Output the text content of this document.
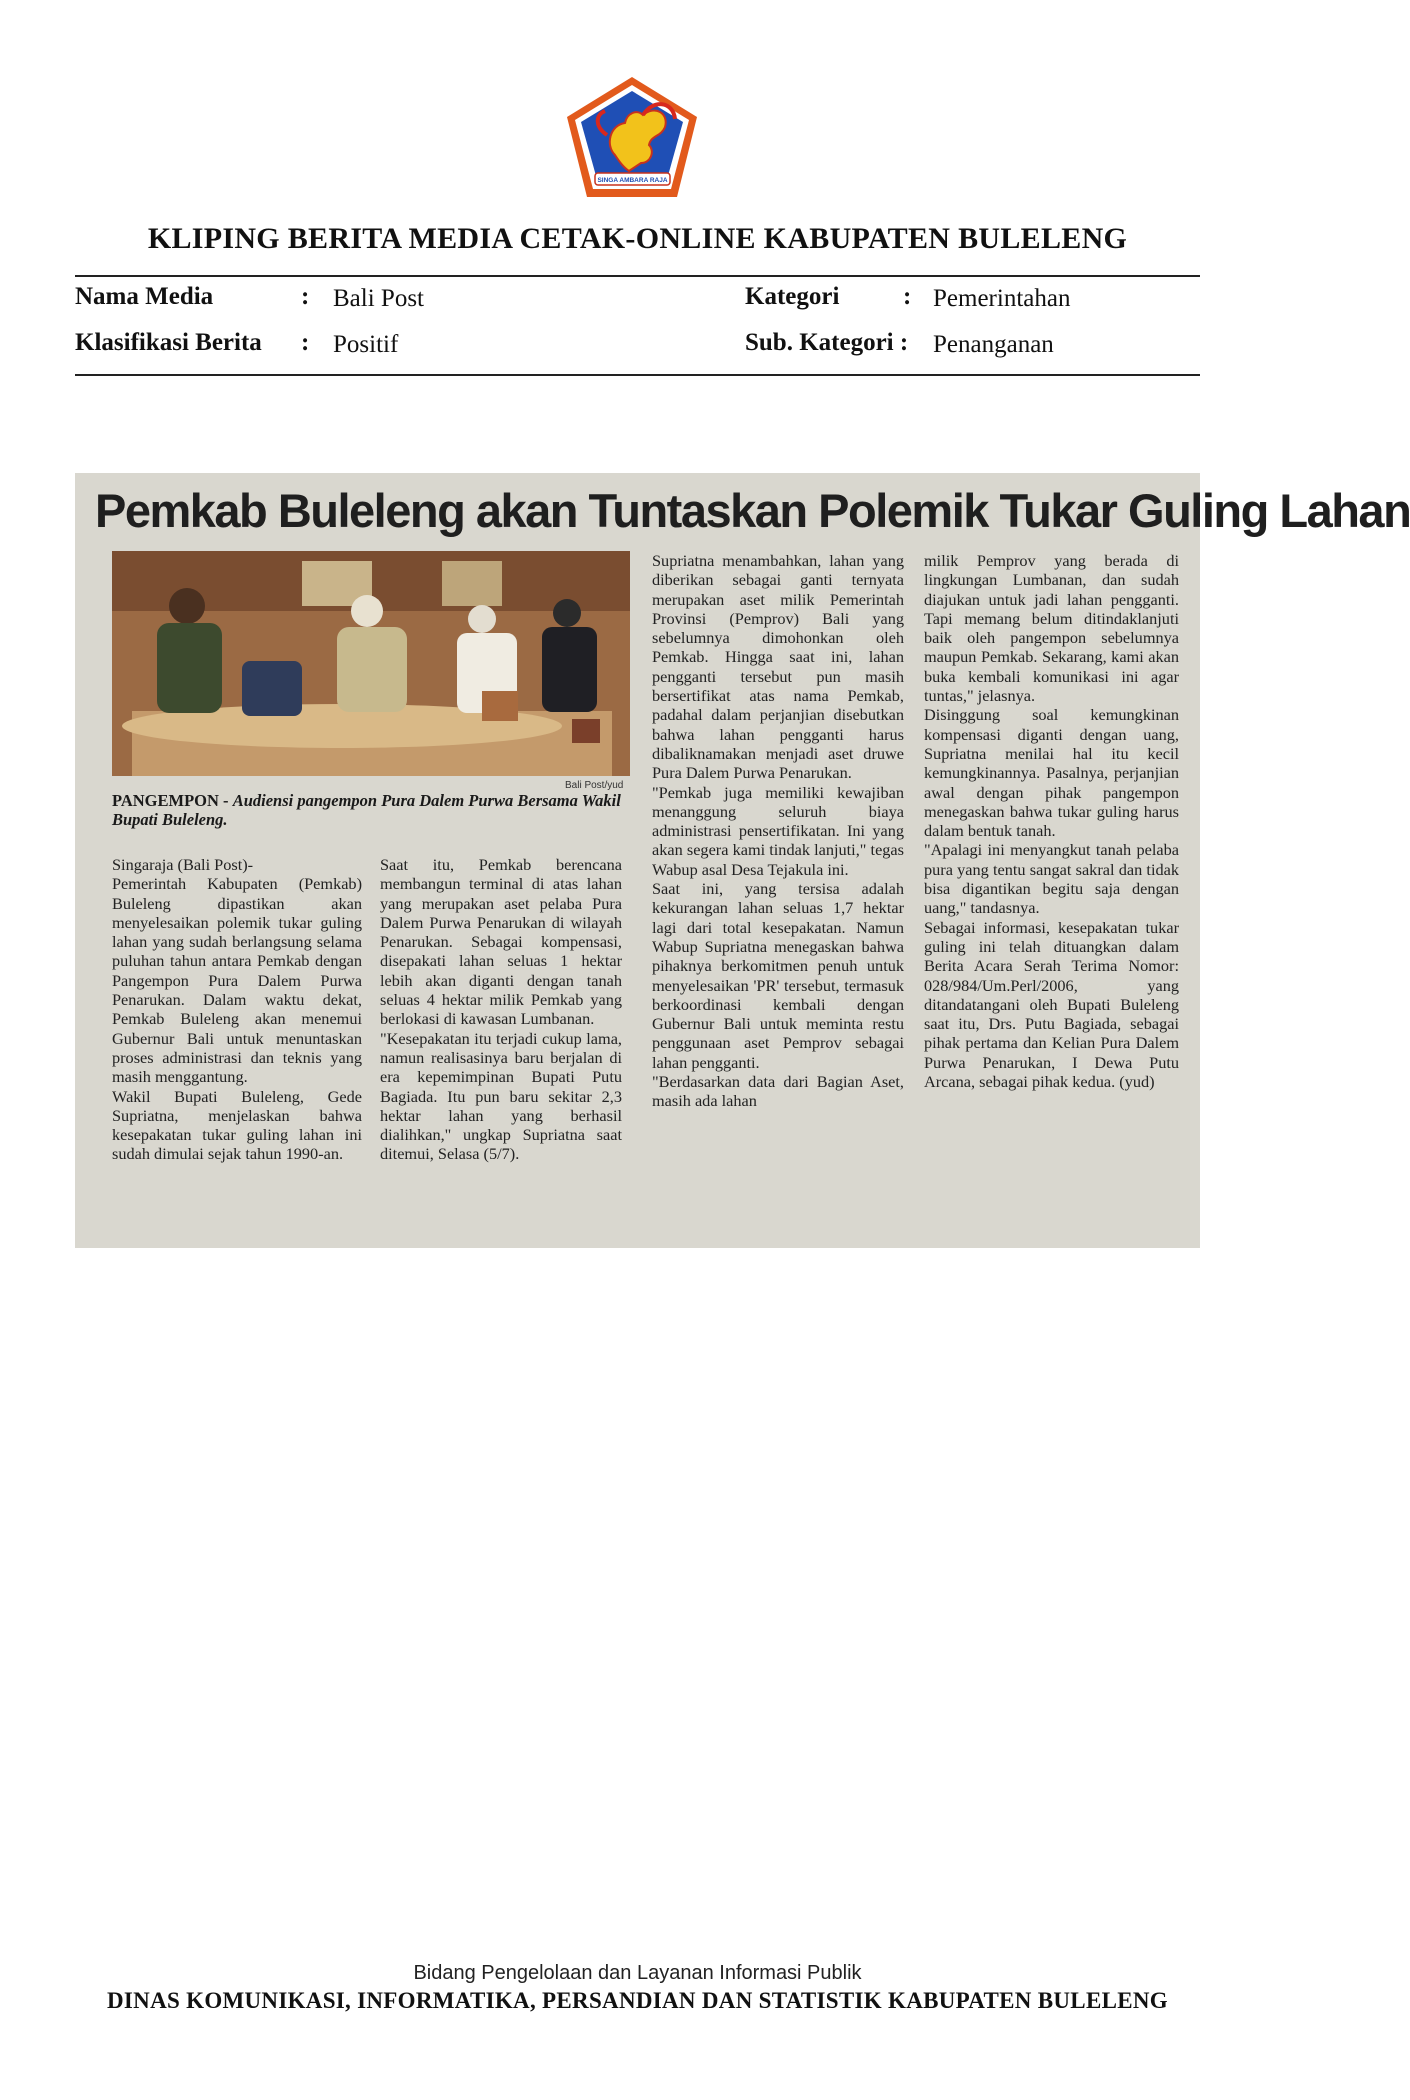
SINGA AMBARA RAJA
KLIPING BERITA MEDIA CETAK-ONLINE KABUPATEN BULELENG
Nama Media	: Bali Post
Klasifikasi Berita : Positif
Kategori	: Pemerintahan
Sub. Kategori : Penanganan
Pemkab Buleleng akan Tuntaskan Polemik Tukar Guling Lahan
Bali Post/yud
PANGEMPON - Audiensi pangempon Pura Dalem Purwa Bersama Wakil Bupati Buleleng.
Singaraja (Bali Post)-
Pemerintah Kabupaten (Pemkab) Buleleng dipastikan akan menyelesaikan polemik tukar guling lahan yang sudah berlangsung selama puluhan tahun antara Pemkab dengan Pangempon Pura Dalem Purwa Penarukan. Dalam waktu dekat, Pemkab Buleleng akan menemui Gubernur Bali untuk menuntaskan proses administrasi dan teknis yang masih menggantung.
Wakil Bupati Buleleng, Gede Supriatna, menjelaskan bahwa kesepakatan tukar guling lahan ini sudah dimulai sejak tahun 1990-an.
Saat itu, Pemkab berencana membangun terminal di atas lahan yang merupakan aset pelaba Pura Dalem Purwa Penarukan di wilayah Penarukan. Sebagai kompensasi, disepakati lahan seluas 1 hektar lebih akan diganti dengan tanah seluas 4 hektar milik Pemkab yang berlokasi di kawasan Lumbanan.
"Kesepakatan itu terjadi cukup lama, namun realisasinya baru berjalan di era kepemimpinan Bupati Putu Bagiada. Itu pun baru sekitar 2,3 hektar lahan yang berhasil dialihkan," ungkap Supriatna saat ditemui, Selasa (5/7).
Supriatna menambahkan, lahan yang diberikan sebagai ganti ternyata merupakan aset milik Pemerintah Provinsi (Pemprov) Bali yang sebelumnya dimohonkan oleh Pemkab. Hingga saat ini, lahan pengganti tersebut pun masih bersertifikat atas nama Pemkab, padahal dalam perjanjian disebutkan bahwa lahan pengganti harus dibaliknamakan menjadi aset druwe Pura Dalem Purwa Penarukan.
"Pemkab juga memiliki kewajiban menanggung seluruh biaya administrasi pensertifikatan. Ini yang akan segera kami tindak lanjuti," tegas Wabup asal Desa Tejakula ini.
Saat ini, yang tersisa adalah kekurangan lahan seluas 1,7 hektar lagi dari total kesepakatan. Namun Wabup Supriatna menegaskan bahwa pihaknya berkomitmen penuh untuk menyelesaikan 'PR' tersebut, termasuk berkoordinasi kembali dengan Gubernur Bali untuk meminta restu penggunaan aset Pemprov sebagai lahan pengganti.
"Berdasarkan data dari Bagian Aset, masih ada lahan
milik Pemprov yang berada di lingkungan Lumbanan, dan sudah diajukan untuk jadi lahan pengganti. Tapi memang belum ditindaklanjuti baik oleh pangempon sebelumnya maupun Pemkab. Sekarang, kami akan buka kembali komunikasi ini agar tuntas," jelasnya.
Disinggung soal kemungkinan kompensasi diganti dengan uang, Supriatna menilai hal itu kecil kemungkinannya. Pasalnya, perjanjian awal dengan pihak pangempon menegaskan bahwa tukar guling harus dalam bentuk tanah.
"Apalagi ini menyangkut tanah pelaba pura yang tentu sangat sakral dan tidak bisa digantikan begitu saja dengan uang," tandasnya.
Sebagai informasi, kesepakatan tukar guling ini telah dituangkan dalam Berita Acara Serah Terima Nomor: 028/984/Um.Perl/2006, yang ditandatangani oleh Bupati Buleleng saat itu, Drs. Putu Bagiada, sebagai pihak pertama dan Kelian Pura Dalem Purwa Penarukan, I Dewa Putu Arcana, sebagai pihak kedua. (yud)
Bidang Pengelolaan dan Layanan Informasi Publik
DINAS KOMUNIKASI, INFORMATIKA, PERSANDIAN DAN STATISTIK KABUPATEN BULELENG
